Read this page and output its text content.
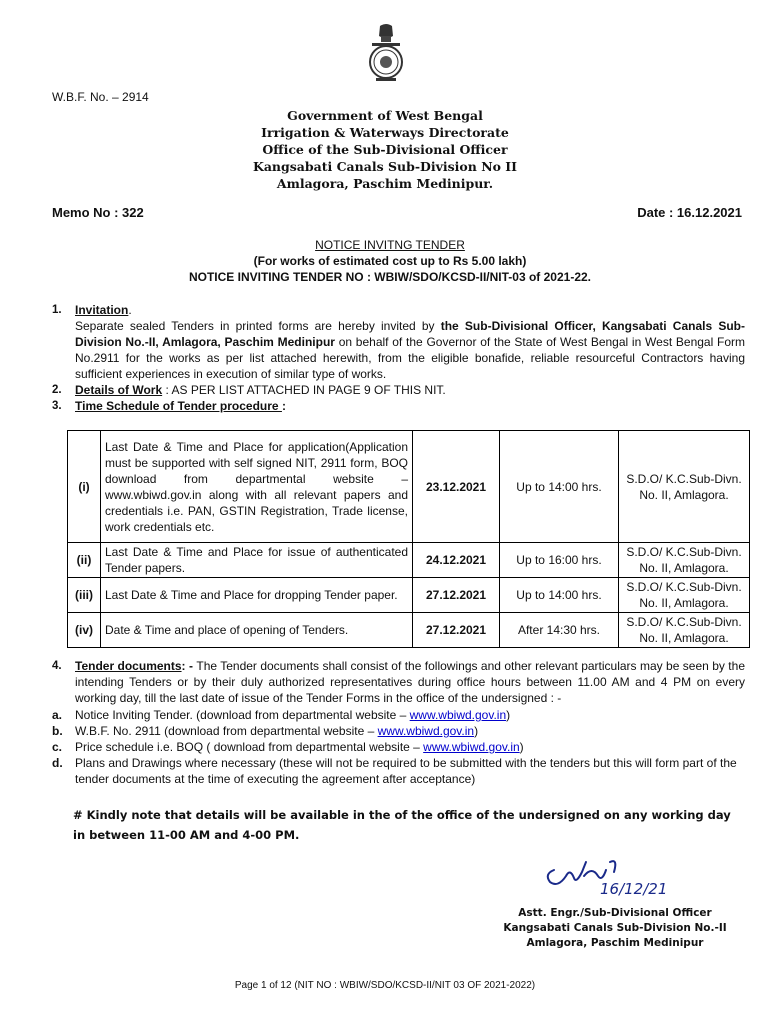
W.B.F. No. – 2914
Government of West Bengal
Irrigation & Waterways Directorate
Office of the Sub-Divisional Officer
Kangsabati Canals Sub-Division No II
Amlagora, Paschim Medinipur.
Memo No : 322	Date : 16.12.2021
NOTICE INVITNG TENDER
(For works of estimated cost up to Rs 5.00 lakh)
NOTICE INVITING TENDER NO : WBIW/SDO/KCSD-II/NIT-03 of 2021-22.
1. Invitation.
Separate sealed Tenders in printed forms are hereby invited by the Sub-Divisional Officer, Kangsabati Canals Sub-Division No.-II, Amlagora, Paschim Medinipur on behalf of the Governor of the State of West Bengal in West Bengal Form No.2911 for the works as per list attached herewith, from the eligible bonafide, reliable resourceful Contractors having sufficient experiences in execution of similar type of works.
2. Details of Work : AS PER LIST ATTACHED IN PAGE 9 OF THIS NIT.
3. Time Schedule of Tender procedure :
(i)	Last Date & Time and Place for application(Application must be supported with self signed NIT, 2911 form, BOQ download from departmental website – www.wbiwd.gov.in along with all relevant papers and credentials i.e. PAN, GSTIN Registration, Trade license, work credentials etc.	23.12.2021	Up to 14:00 hrs.	S.D.O/ K.C.Sub-Divn. No. II, Amlagora.
(ii)	Last Date & Time and Place for issue of authenticated Tender papers.	24.12.2021	Up to 16:00 hrs.	S.D.O/ K.C.Sub-Divn. No. II, Amlagora.
(iii)	Last Date & Time and Place for dropping Tender paper.	27.12.2021	Up to 14:00 hrs.	S.D.O/ K.C.Sub-Divn. No. II, Amlagora.
(iv)	Date & Time and place of opening of Tenders.	27.12.2021	After 14:30 hrs.	S.D.O/ K.C.Sub-Divn. No. II, Amlagora.
4. Tender documents: - The Tender documents shall consist of the followings and other relevant particulars may be seen by the intending Tenders or by their duly authorized representatives during office hours between 11.00 AM and 4 PM on every working day, till the last date of issue of the Tender Forms in the office of the undersigned : -
a. Notice Inviting Tender. (download from departmental website – www.wbiwd.gov.in)
b. W.B.F. No. 2911 (download from departmental website – www.wbiwd.gov.in)
c. Price schedule i.e. BOQ ( download from departmental website – www.wbiwd.gov.in)
d.	Plans and Drawings where necessary (these will not be required to be submitted with the tenders but this will form part of the tender documents at the time of executing the agreement after acceptance)
# Kindly note that details will be available in the of the office of the undersigned on any working day in between 11-00 AM and 4-00 PM.
16/12/21
Astt. Engr./Sub-Divisional Officer
Kangsabati Canals Sub-Division No.-II
Amlagora, Paschim Medinipur
Page 1 of 12 (NIT NO : WBIW/SDO/KCSD-II/NIT 03 OF 2021-2022)
